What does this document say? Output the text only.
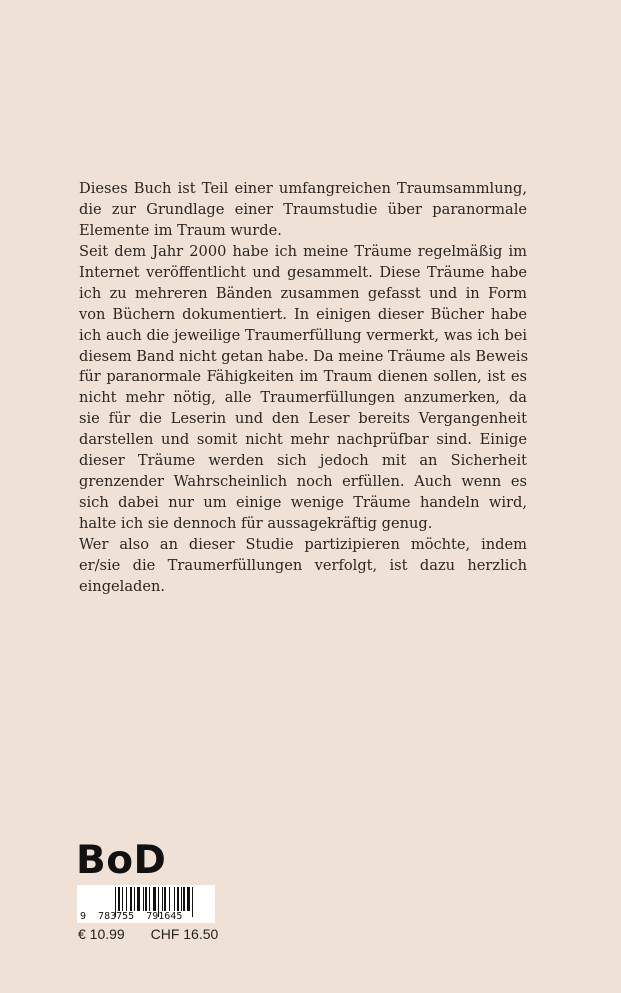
Dieses Buch ist Teil einer umfangreichen Traumsammlung,
die zur Grundlage einer Traumstudie über paranormale
Elemente im Traum wurde.
Seit dem Jahr 2000 habe ich meine Träume regelmäßig im
Internet veröffentlicht und gesammelt. Diese Träume habe
ich zu mehreren Bänden zusammen gefasst und in Form
von Büchern dokumentiert. In einigen dieser Bücher habe
ich auch die jeweilige Traumerfüllung vermerkt, was ich bei
diesem Band nicht getan habe. Da meine Träume als Beweis
für paranormale Fähigkeiten im Traum dienen sollen, ist es
nicht mehr nötig, alle Traumerfüllungen anzumerken, da
sie für die Leserin und den Leser bereits Vergangenheit
darstellen und somit nicht mehr nachprüfbar sind. Einige
dieser Träume werden sich jedoch mit an Sicherheit
grenzender Wahrscheinlich noch erfüllen. Auch wenn es
sich dabei nur um einige wenige Träume handeln wird,
halte ich sie dennoch für aussagekräftig genug.
Wer also an dieser Studie partizipieren möchte, indem
er/sie die Traumerfüllungen verfolgt, ist dazu herzlich
eingeladen.
BoD
9  783755  791645
€ 10.99 CHF 16.50
